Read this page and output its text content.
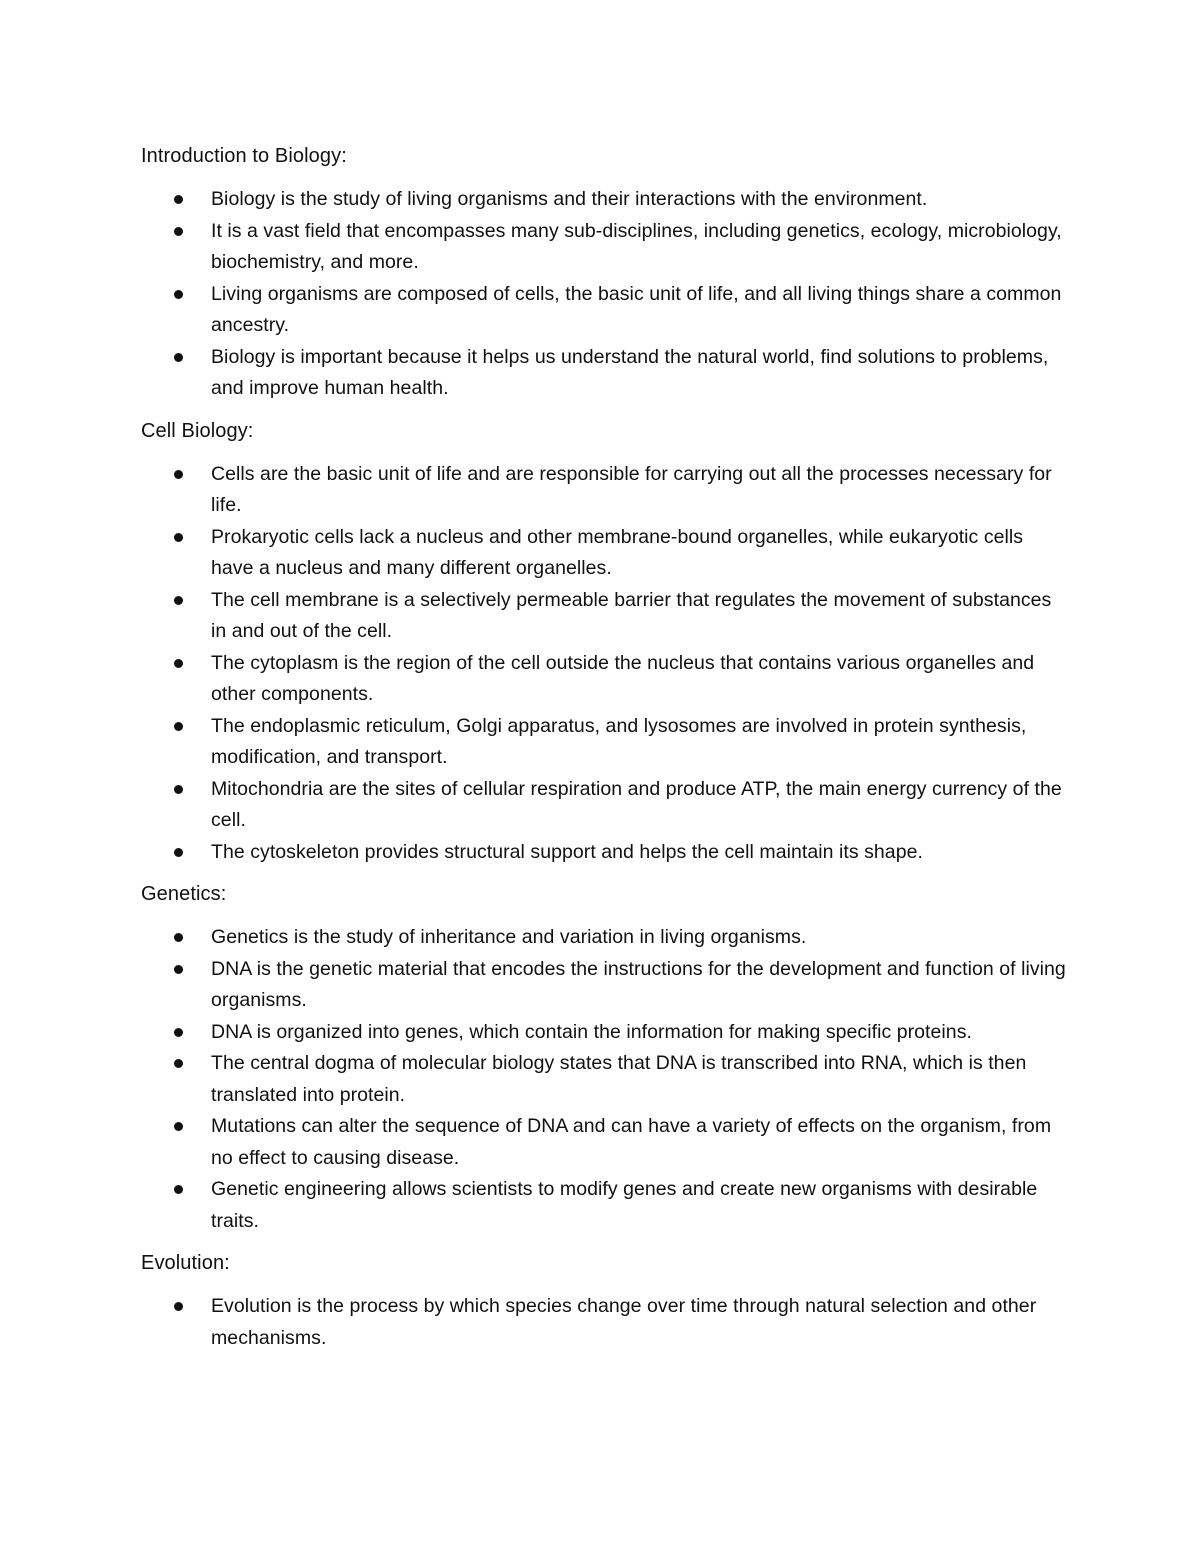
Introduction to Biology:
Biology is the study of living organisms and their interactions with the environment.
It is a vast field that encompasses many sub-disciplines, including genetics, ecology, microbiology, biochemistry, and more.
Living organisms are composed of cells, the basic unit of life, and all living things share a common ancestry.
Biology is important because it helps us understand the natural world, find solutions to problems, and improve human health.
Cell Biology:
Cells are the basic unit of life and are responsible for carrying out all the processes necessary for life.
Prokaryotic cells lack a nucleus and other membrane-bound organelles, while eukaryotic cells have a nucleus and many different organelles.
The cell membrane is a selectively permeable barrier that regulates the movement of substances in and out of the cell.
The cytoplasm is the region of the cell outside the nucleus that contains various organelles and other components.
The endoplasmic reticulum, Golgi apparatus, and lysosomes are involved in protein synthesis, modification, and transport.
Mitochondria are the sites of cellular respiration and produce ATP, the main energy currency of the cell.
The cytoskeleton provides structural support and helps the cell maintain its shape.
Genetics:
Genetics is the study of inheritance and variation in living organisms.
DNA is the genetic material that encodes the instructions for the development and function of living organisms.
DNA is organized into genes, which contain the information for making specific proteins.
The central dogma of molecular biology states that DNA is transcribed into RNA, which is then translated into protein.
Mutations can alter the sequence of DNA and can have a variety of effects on the organism, from no effect to causing disease.
Genetic engineering allows scientists to modify genes and create new organisms with desirable traits.
Evolution:
Evolution is the process by which species change over time through natural selection and other mechanisms.
